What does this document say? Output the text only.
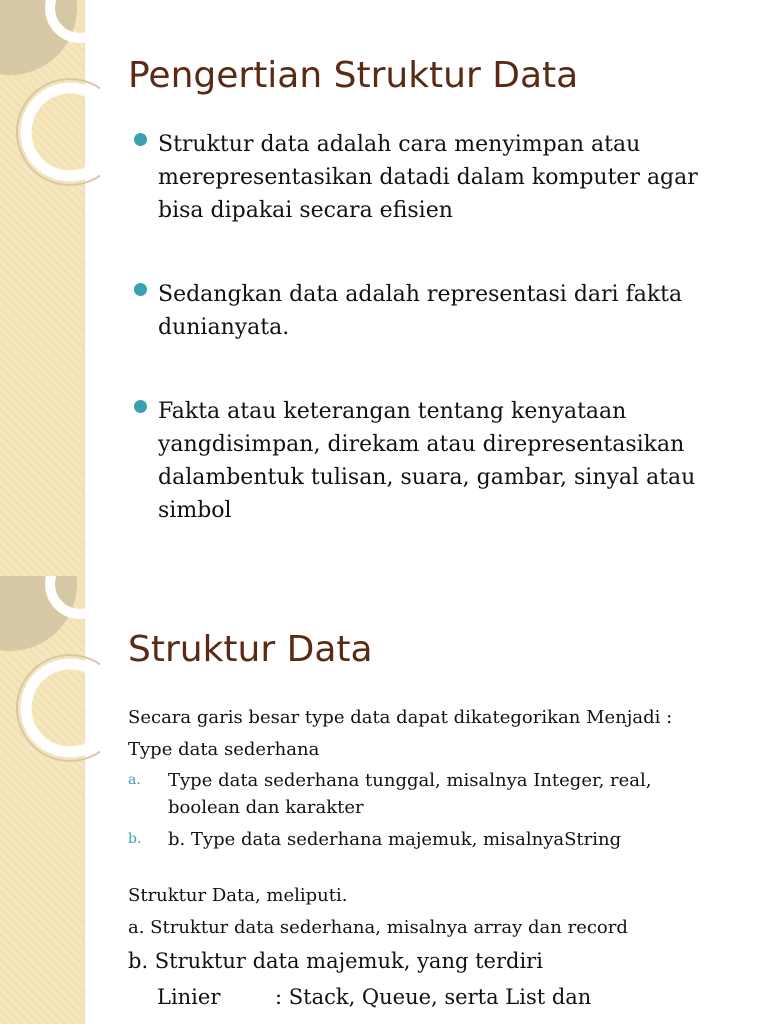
Pengertian Struktur Data
Struktur data adalah cara menyimpan atau merepresentasikan datadi dalam komputer agar bisa dipakai secara efisien
Sedangkan data adalah representasi dari fakta dunianyata.
Fakta atau keterangan tentang kenyataan yangdisimpan, direkam atau direpresentasikan dalambentuk tulisan, suara, gambar, sinyal atau simbol
Struktur Data

Secara garis besar type data dapat dikategorikan Menjadi :

Type data sederhana

a. Type data sederhana tunggal, misalnya Integer, real, boolean dan karakter
b. b. Type data sederhana majemuk, misalnyaString

Struktur Data, meliputi.

a. Struktur data sederhana, misalnya array dan record

b. Struktur data majemuk, yang terdiri

Linier	: Stack, Queue, serta List dan
